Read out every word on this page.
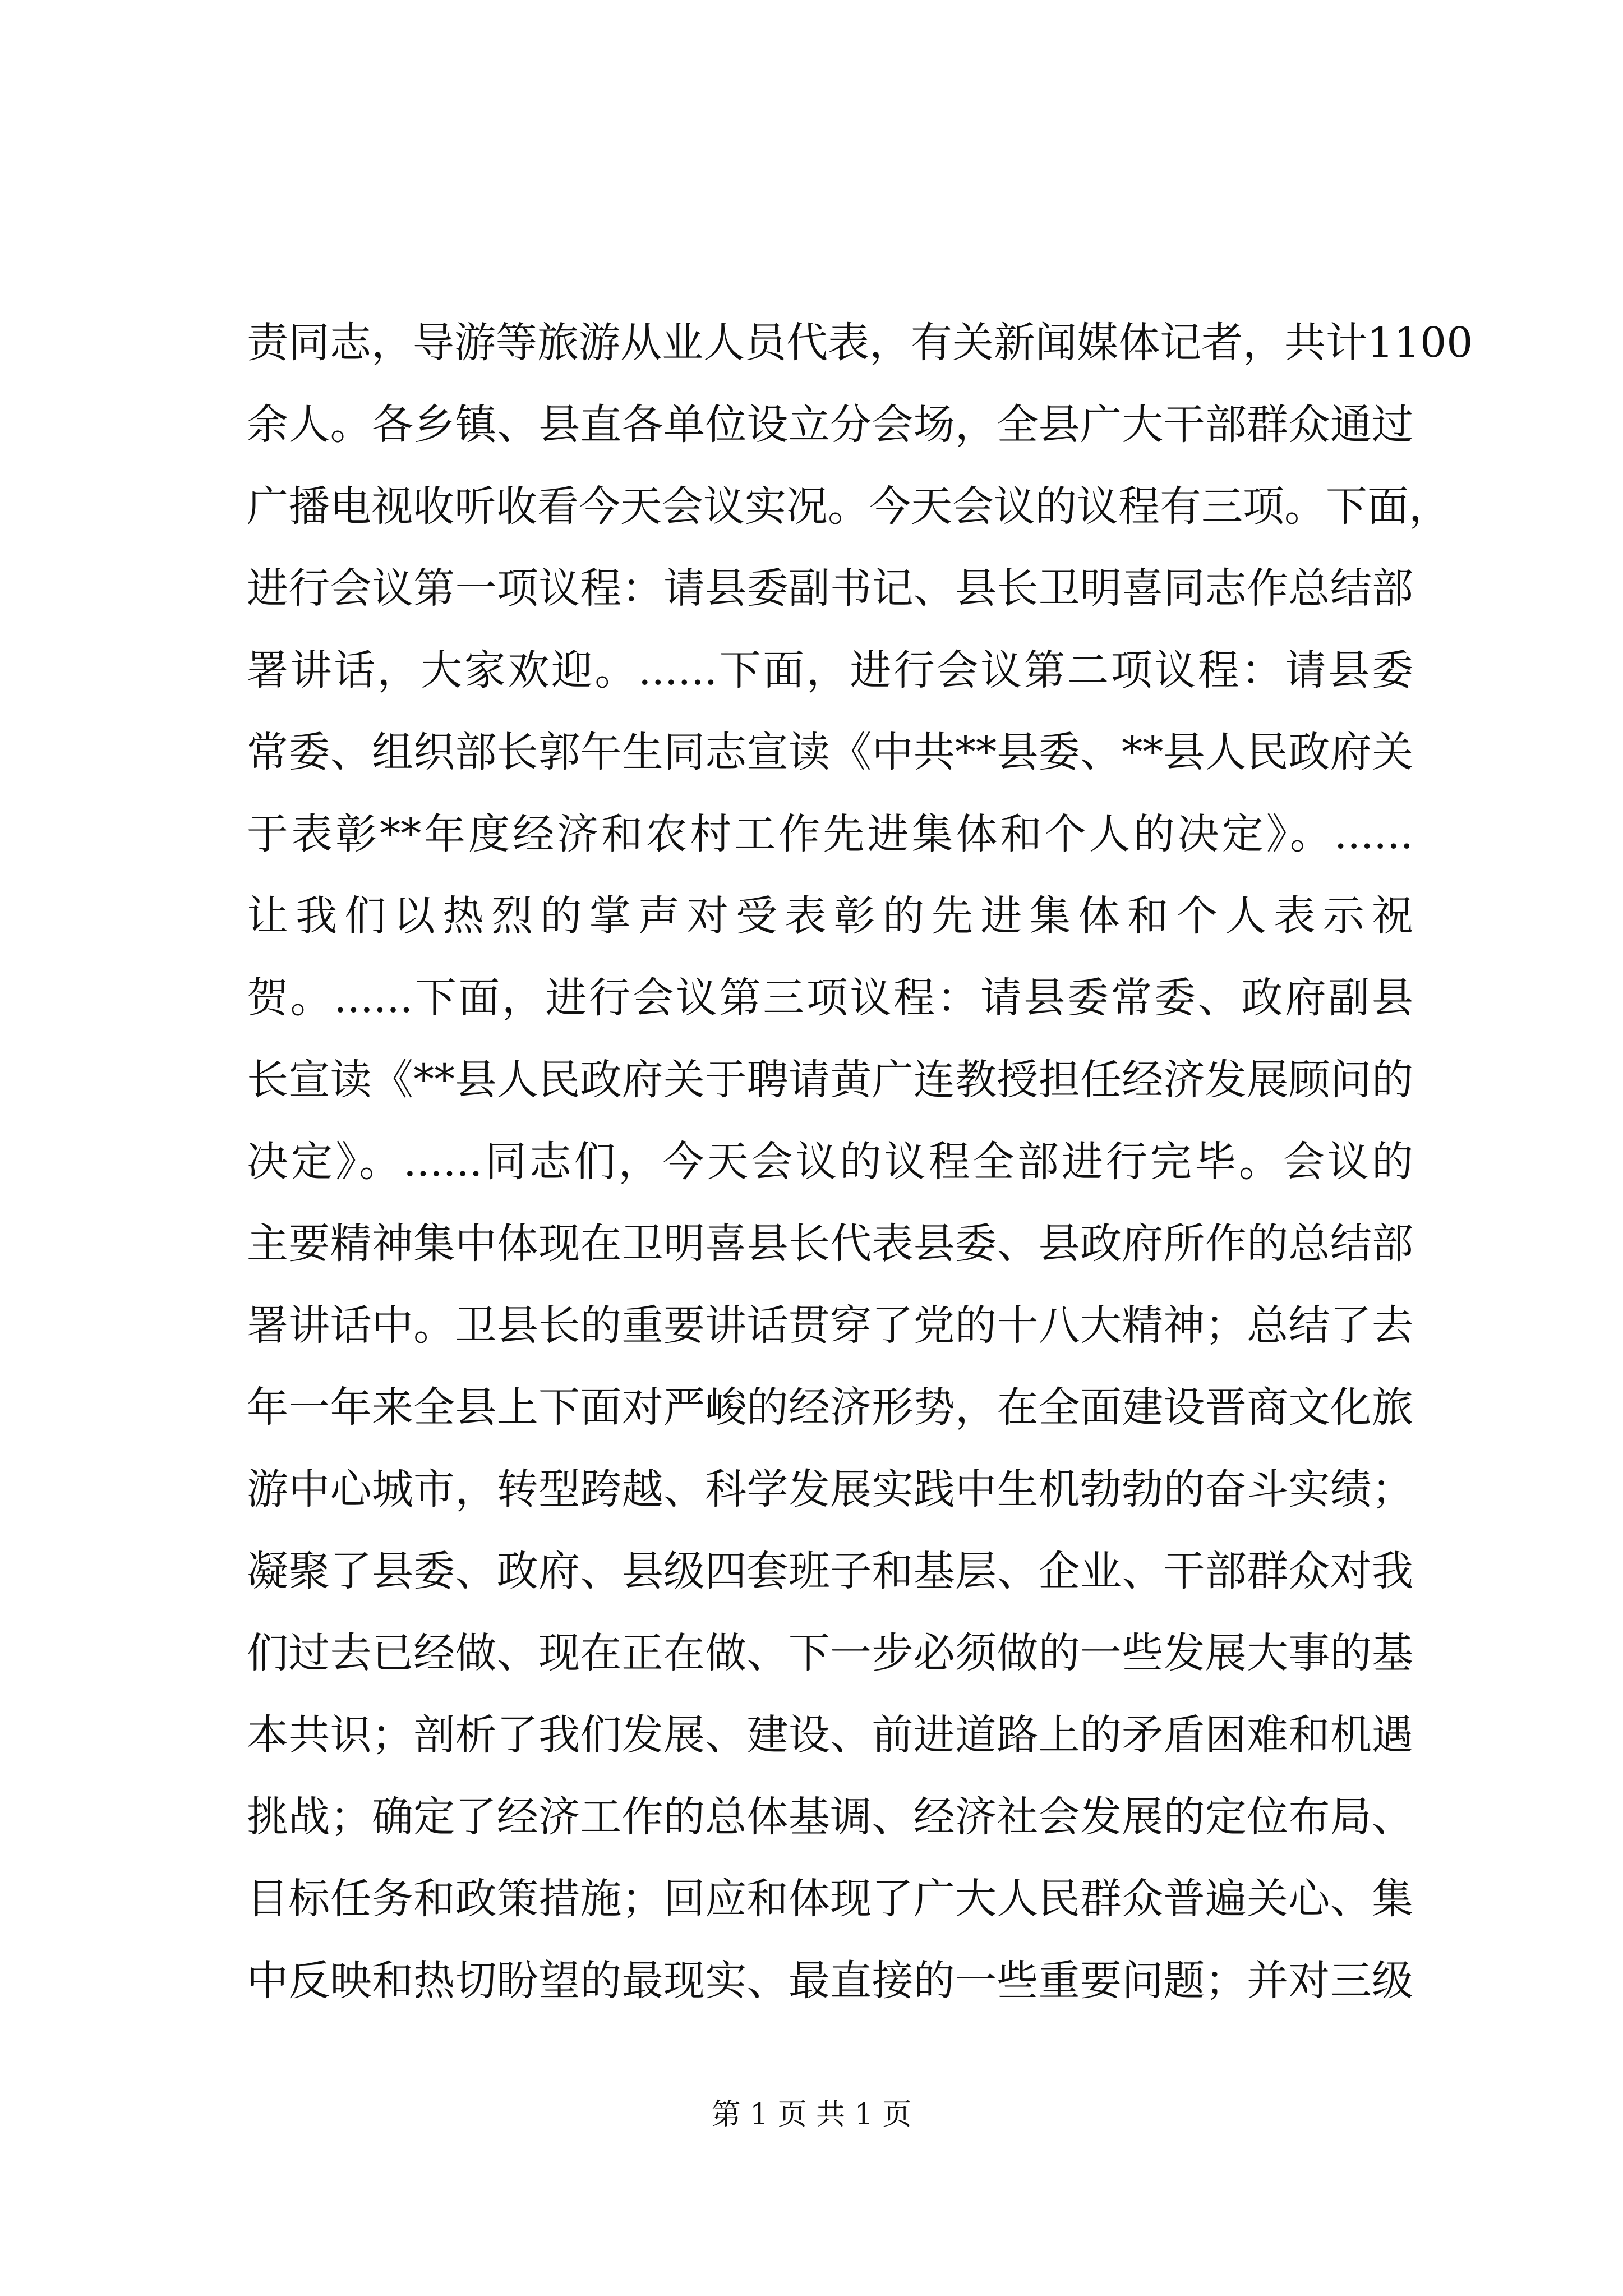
责同志，导游等旅游从业人员代表，有关新闻媒体记者，共计1100
余人。各乡镇、县直各单位设立分会场，全县广大干部群众通过
广播电视收听收看今天会议实况。今天会议的议程有三项。下面，
进行会议第一项议程：请县委副书记、县长卫明喜同志作总结部
署讲话，大家欢迎。......下面，进行会议第二项议程：请县委
常委、组织部长郭午生同志宣读《中共**县委、**县人民政府关
于表彰**年度经济和农村工作先进集体和个人的决定》。......
让我们以热烈的掌声对受表彰的先进集体和个人表示祝
贺。......下面，进行会议第三项议程：请县委常委、政府副县
长宣读《**县人民政府关于聘请黄广连教授担任经济发展顾问的
决定》。......同志们，今天会议的议程全部进行完毕。会议的
主要精神集中体现在卫明喜县长代表县委、县政府所作的总结部
署讲话中。卫县长的重要讲话贯穿了党的十八大精神；总结了去
年一年来全县上下面对严峻的经济形势，在全面建设晋商文化旅
游中心城市，转型跨越、科学发展实践中生机勃勃的奋斗实绩；
凝聚了县委、政府、县级四套班子和基层、企业、干部群众对我
们过去已经做、现在正在做、下一步必须做的一些发展大事的基
本共识；剖析了我们发展、建设、前进道路上的矛盾困难和机遇
挑战；确定了经济工作的总体基调、经济社会发展的定位布局、
目标任务和政策措施；回应和体现了广大人民群众普遍关心、集
中反映和热切盼望的最现实、最直接的一些重要问题；并对三级
第 1 页 共 1 页
